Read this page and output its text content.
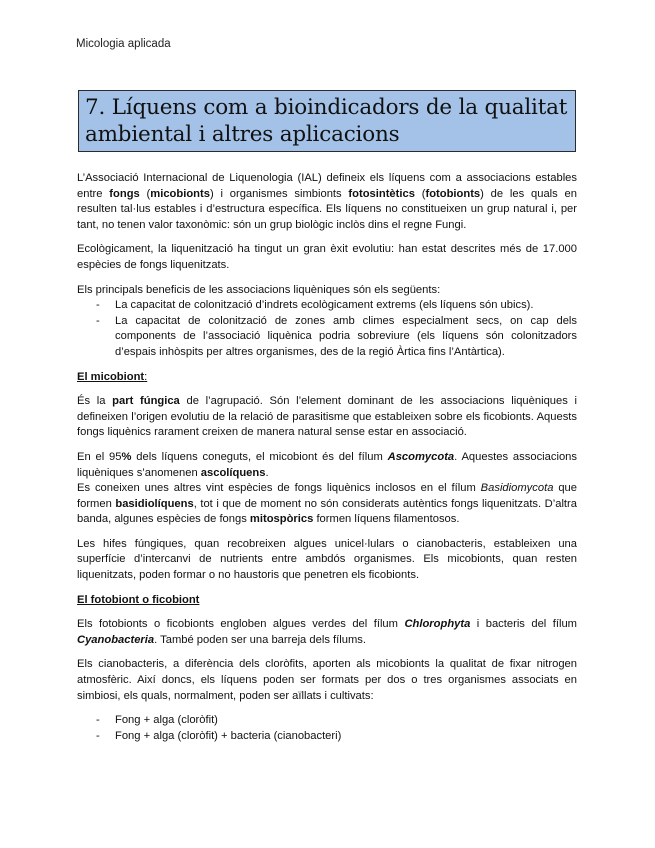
Micologia aplicada
7. Líquens com a bioindicadors de la qualitat
ambiental i altres aplicacions

L’Associació Internacional de Liquenologia (IAL) defineix els líquens com a associacions estables entre fongs (micobionts) i organismes simbionts fotosintètics (fotobionts) de les quals en resulten tal·lus estables i d’estructura específica. Els líquens no constitueixen un grup natural i, per tant, no tenen valor taxonòmic: són un grup biològic inclòs dins el regne Fungi.

Ecològicament, la liquenització ha tingut un gran èxit evolutiu: han estat descrites més de 17.000 espècies de fongs liquenitzats.

Els principals beneficis de les associacions liquèniques són els següents:

- La capacitat de colonització d’indrets ecològicament extrems (els líquens són ubics).
- La capacitat de colonització de zones amb climes especialment secs, on cap dels components de l’associació liquènica podria sobreviure (els líquens són colonitzadors d’espais inhòspits per altres organismes, des de la regió Àrtica fins l’Antàrtica).

El micobiont:

És la part fúngica de l’agrupació. Són l’element dominant de les associacions liquèniques i defineixen l’origen evolutiu de la relació de parasitisme que estableixen sobre els ficobionts. Aquests fongs liquènics rarament creixen de manera natural sense estar en associació.

En el 95% dels líquens coneguts, el micobiont és del fílum Ascomycota. Aquestes associacions liquèniques s’anomenen ascolíquens.

Es coneixen unes altres vint espècies de fongs liquènics inclosos en el fílum Basidiomycota que formen basidiolíquens, tot i que de moment no són considerats autèntics fongs liquenitzats. D’altra banda, algunes espècies de fongs mitospòrics formen líquens filamentosos.

Les hifes fúngiques, quan recobreixen algues unicel·lulars o cianobacteris, estableixen una superfície d’intercanvi de nutrients entre ambdós organismes. Els micobionts, quan resten liquenitzats, poden formar o no haustoris que penetren els ficobionts.

El fotobiont o ficobiont

Els fotobionts o ficobionts engloben algues verdes del fílum Chlorophyta i bacteris del fílum Cyanobacteria. També poden ser una barreja dels fílums.

Els cianobacteris, a diferència dels cloròfits, aporten als micobionts la qualitat de fixar nitrogen atmosfèric. Així doncs, els líquens poden ser formats per dos o tres organismes associats en simbiosi, els quals, normalment, poden ser aïllats i cultivats:

- Fong + alga (cloròfit)
- Fong + alga (cloròfit) + bacteria (cianobacteri)
